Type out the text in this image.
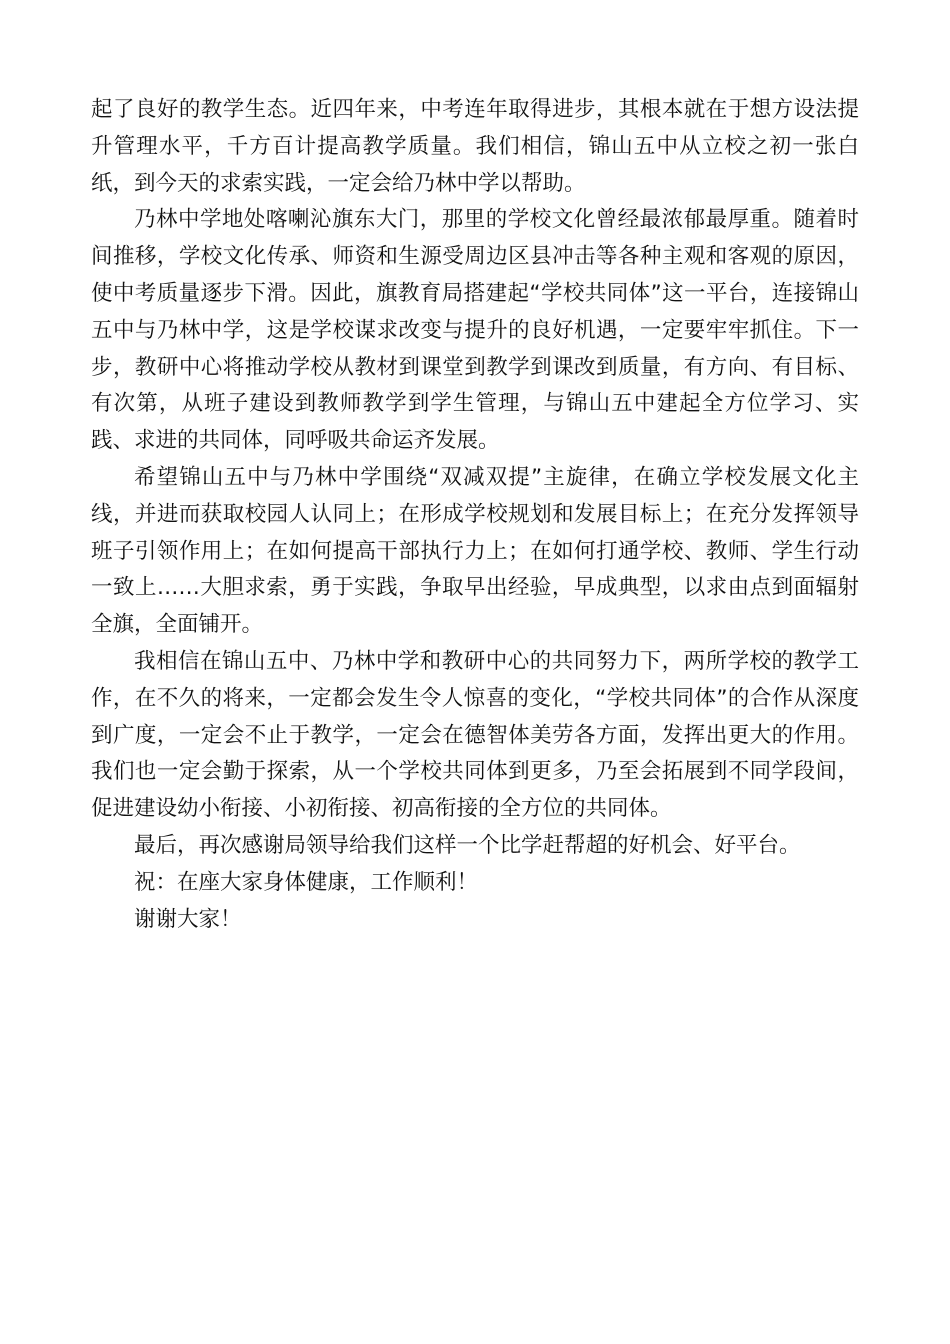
起了良好的教学生态。近四年来，中考连年取得进步，其根本就在于想方设法提升管理水平，千方百计提高教学质量。我们相信，锦山五中从立校之初一张白纸，到今天的求索实践，一定会给乃林中学以帮助。

乃林中学地处喀喇沁旗东大门，那里的学校文化曾经最浓郁最厚重。随着时间推移，学校文化传承、师资和生源受周边区县冲击等各种主观和客观的原因，使中考质量逐步下滑。因此，旗教育局搭建起“学校共同体”这一平台，连接锦山五中与乃林中学，这是学校谋求改变与提升的良好机遇，一定要牢牢抓住。下一步，教研中心将推动学校从教材到课堂到教学到课改到质量，有方向、有目标、有次第，从班子建设到教师教学到学生管理，与锦山五中建起全方位学习、实践、求进的共同体，同呼吸共命运齐发展。

希望锦山五中与乃林中学围绕“双减双提”主旋律，在确立学校发展文化主线，并进而获取校园人认同上；在形成学校规划和发展目标上；在充分发挥领导班子引领作用上；在如何提高干部执行力上；在如何打通学校、教师、学生行动一致上……大胆求索，勇于实践，争取早出经验，早成典型，以求由点到面辐射全旗，全面铺开。

我相信在锦山五中、乃林中学和教研中心的共同努力下，两所学校的教学工作，在不久的将来，一定都会发生令人惊喜的变化，“学校共同体”的合作从深度到广度，一定会不止于教学，一定会在德智体美劳各方面，发挥出更大的作用。我们也一定会勤于探索，从一个学校共同体到更多，乃至会拓展到不同学段间，促进建设幼小衔接、小初衔接、初高衔接的全方位的共同体。

最后，再次感谢局领导给我们这样一个比学赶帮超的好机会、好平台。

祝：在座大家身体健康，工作顺利！

谢谢大家！
